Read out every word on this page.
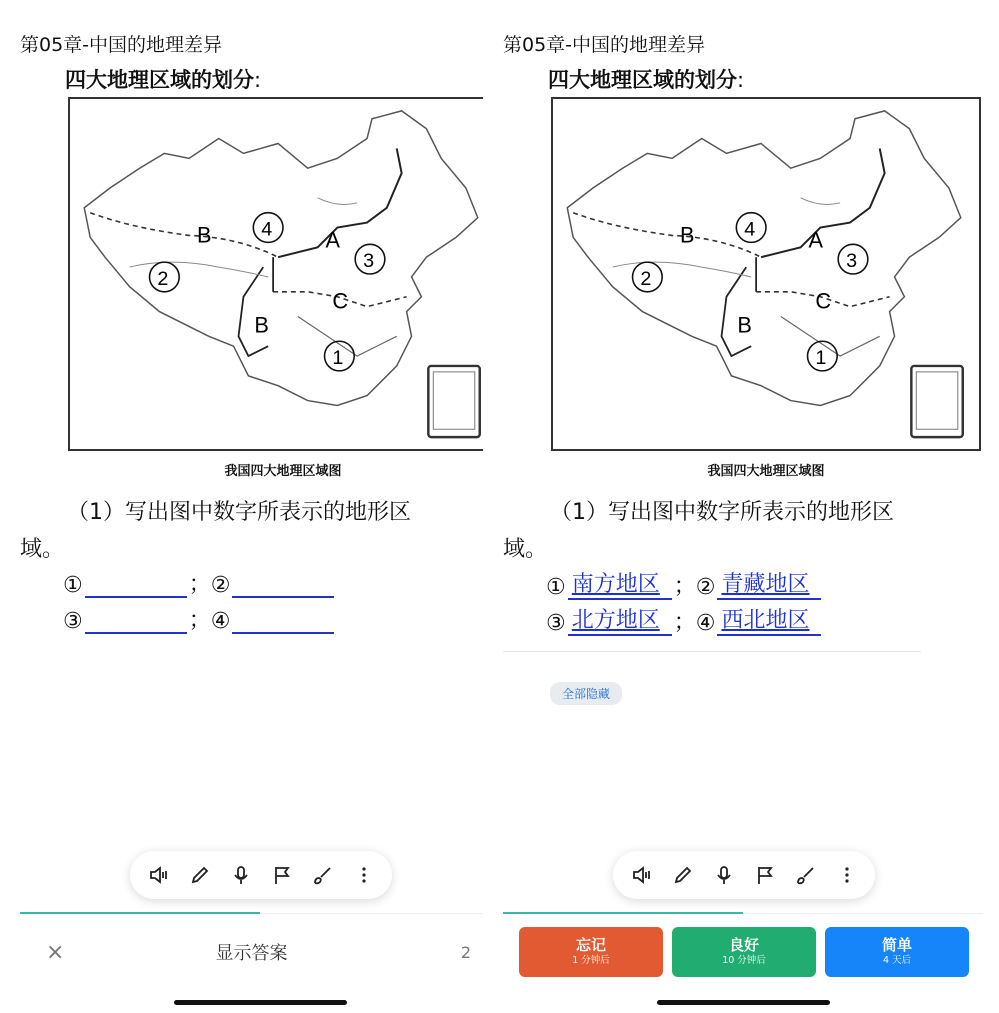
第05章-中国的地理差异
四大地理区域的划分:
B 4 A
2
3
C
B
1
我国四大地理区域图
（1）写出图中数字所表示的地形区
域。
①	； ②
③	； ④
×	显示答案	2
第05章-中国的地理差异
四大地理区域的划分:
B 4 A
2
3
C
B
1
我国四大地理区域图
（1）写出图中数字所表示的地形区
域。
① 南方地区 ； ② 青藏地区
③ 北方地区 ； ④ 西北地区
全部隐藏
忘记
1 分钟后
良好
10 分钟后
简单
4 天后
